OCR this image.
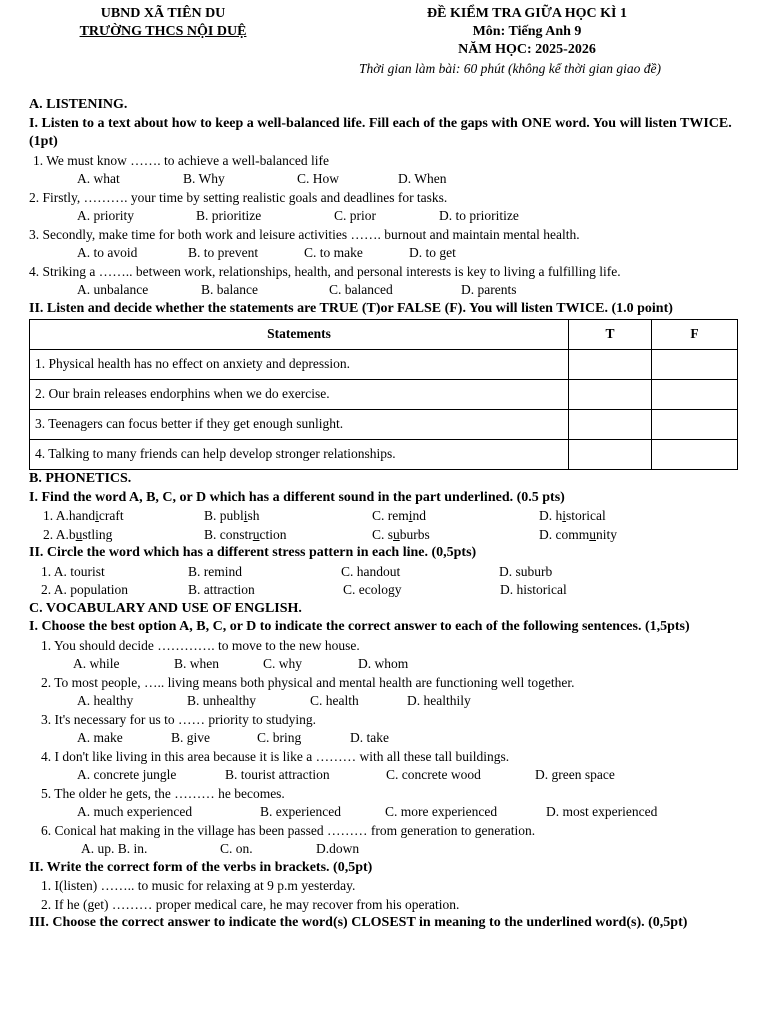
UBND XÃ TIÊN DU
TRƯỜNG THCS NỘI DUỆ
ĐỀ KIỂM TRA GIỮA HỌC KÌ 1
Môn: Tiếng Anh 9
NĂM HỌC: 2025-2026
Thời gian làm bài: 60 phút (không kể thời gian giao đề)
A. LISTENING.
I. Listen to a text about how to keep a well-balanced life. Fill each of the gaps with ONE word. You will listen TWICE.(1pt)
1. We must know ……. to achieve a well-balanced life
A. what	B. Why	C. How	D. When
2. Firstly, ………. your time by setting realistic goals and deadlines for tasks.
A. priority	B. prioritize	C. prior	D. to prioritize
3. Secondly, make time for both work and leisure activities ……. burnout and maintain mental health.
A. to avoid	B. to prevent	C. to make	D. to get
4. Striking a …….. between work, relationships, health, and personal interests is key to living a fulfilling life.
A. unbalance	B. balance	C. balanced	D. parents
II. Listen and decide whether the statements are TRUE (T)or FALSE (F). You will listen TWICE. (1.0 point)
Statements	T	F
1. Physical health has no effect on anxiety and depression.		
2. Our brain releases endorphins when we do exercise.		
3. Teenagers can focus better if they get enough sunlight.		
4. Talking to many friends can help develop stronger relationships.		
B. PHONETICS.
I. Find the word A, B, C, or D which has a different sound in the part underlined. (0.5 pts)
1. A.handicraft	B. publish	C. remind	D. historical
2. A.bustling	B. construction	C. suburbs	D. community
II. Circle the word which has a different stress pattern in each line. (0,5pts)
1. A. tourist	B. remind	C. handout	D. suburb
2. A. population	B. attraction	C. ecology	D. historical
C. VOCABULARY AND USE OF ENGLISH.
I. Choose the best option A, B, C, or D to indicate the correct answer to each of the following sentences. (1,5pts)
1. You should decide …………. to move to the new house.
A. while	B. when	C. why	D. whom
2. To most people, ….. living means both physical and mental health are functioning well together.
A. healthy	B. unhealthy	C. health	D. healthily
3. It's necessary for us to …… priority to studying.
A. make	B. give	C. bring	D. take
4. I don't like living in this area because it is like a ……… with all these tall buildings.
A. concrete jungle	B. tourist attraction	C. concrete wood	D. green space
5. The older he gets, the ……… he becomes.
A. much experienced	B. experienced	C. more experienced	D. most experienced
6. Conical hat making in the village has been passed ……… from generation to generation.
A. up. B. in.	C. on.	D.down
II. Write the correct form of the verbs in brackets. (0,5pt)
1. I(listen) …….. to music for relaxing at 9 p.m yesterday.
2. If he (get) ……… proper medical care, he may recover from his operation.
III. Choose the correct answer to indicate the word(s) CLOSEST in meaning to the underlined word(s). (0,5pt)
